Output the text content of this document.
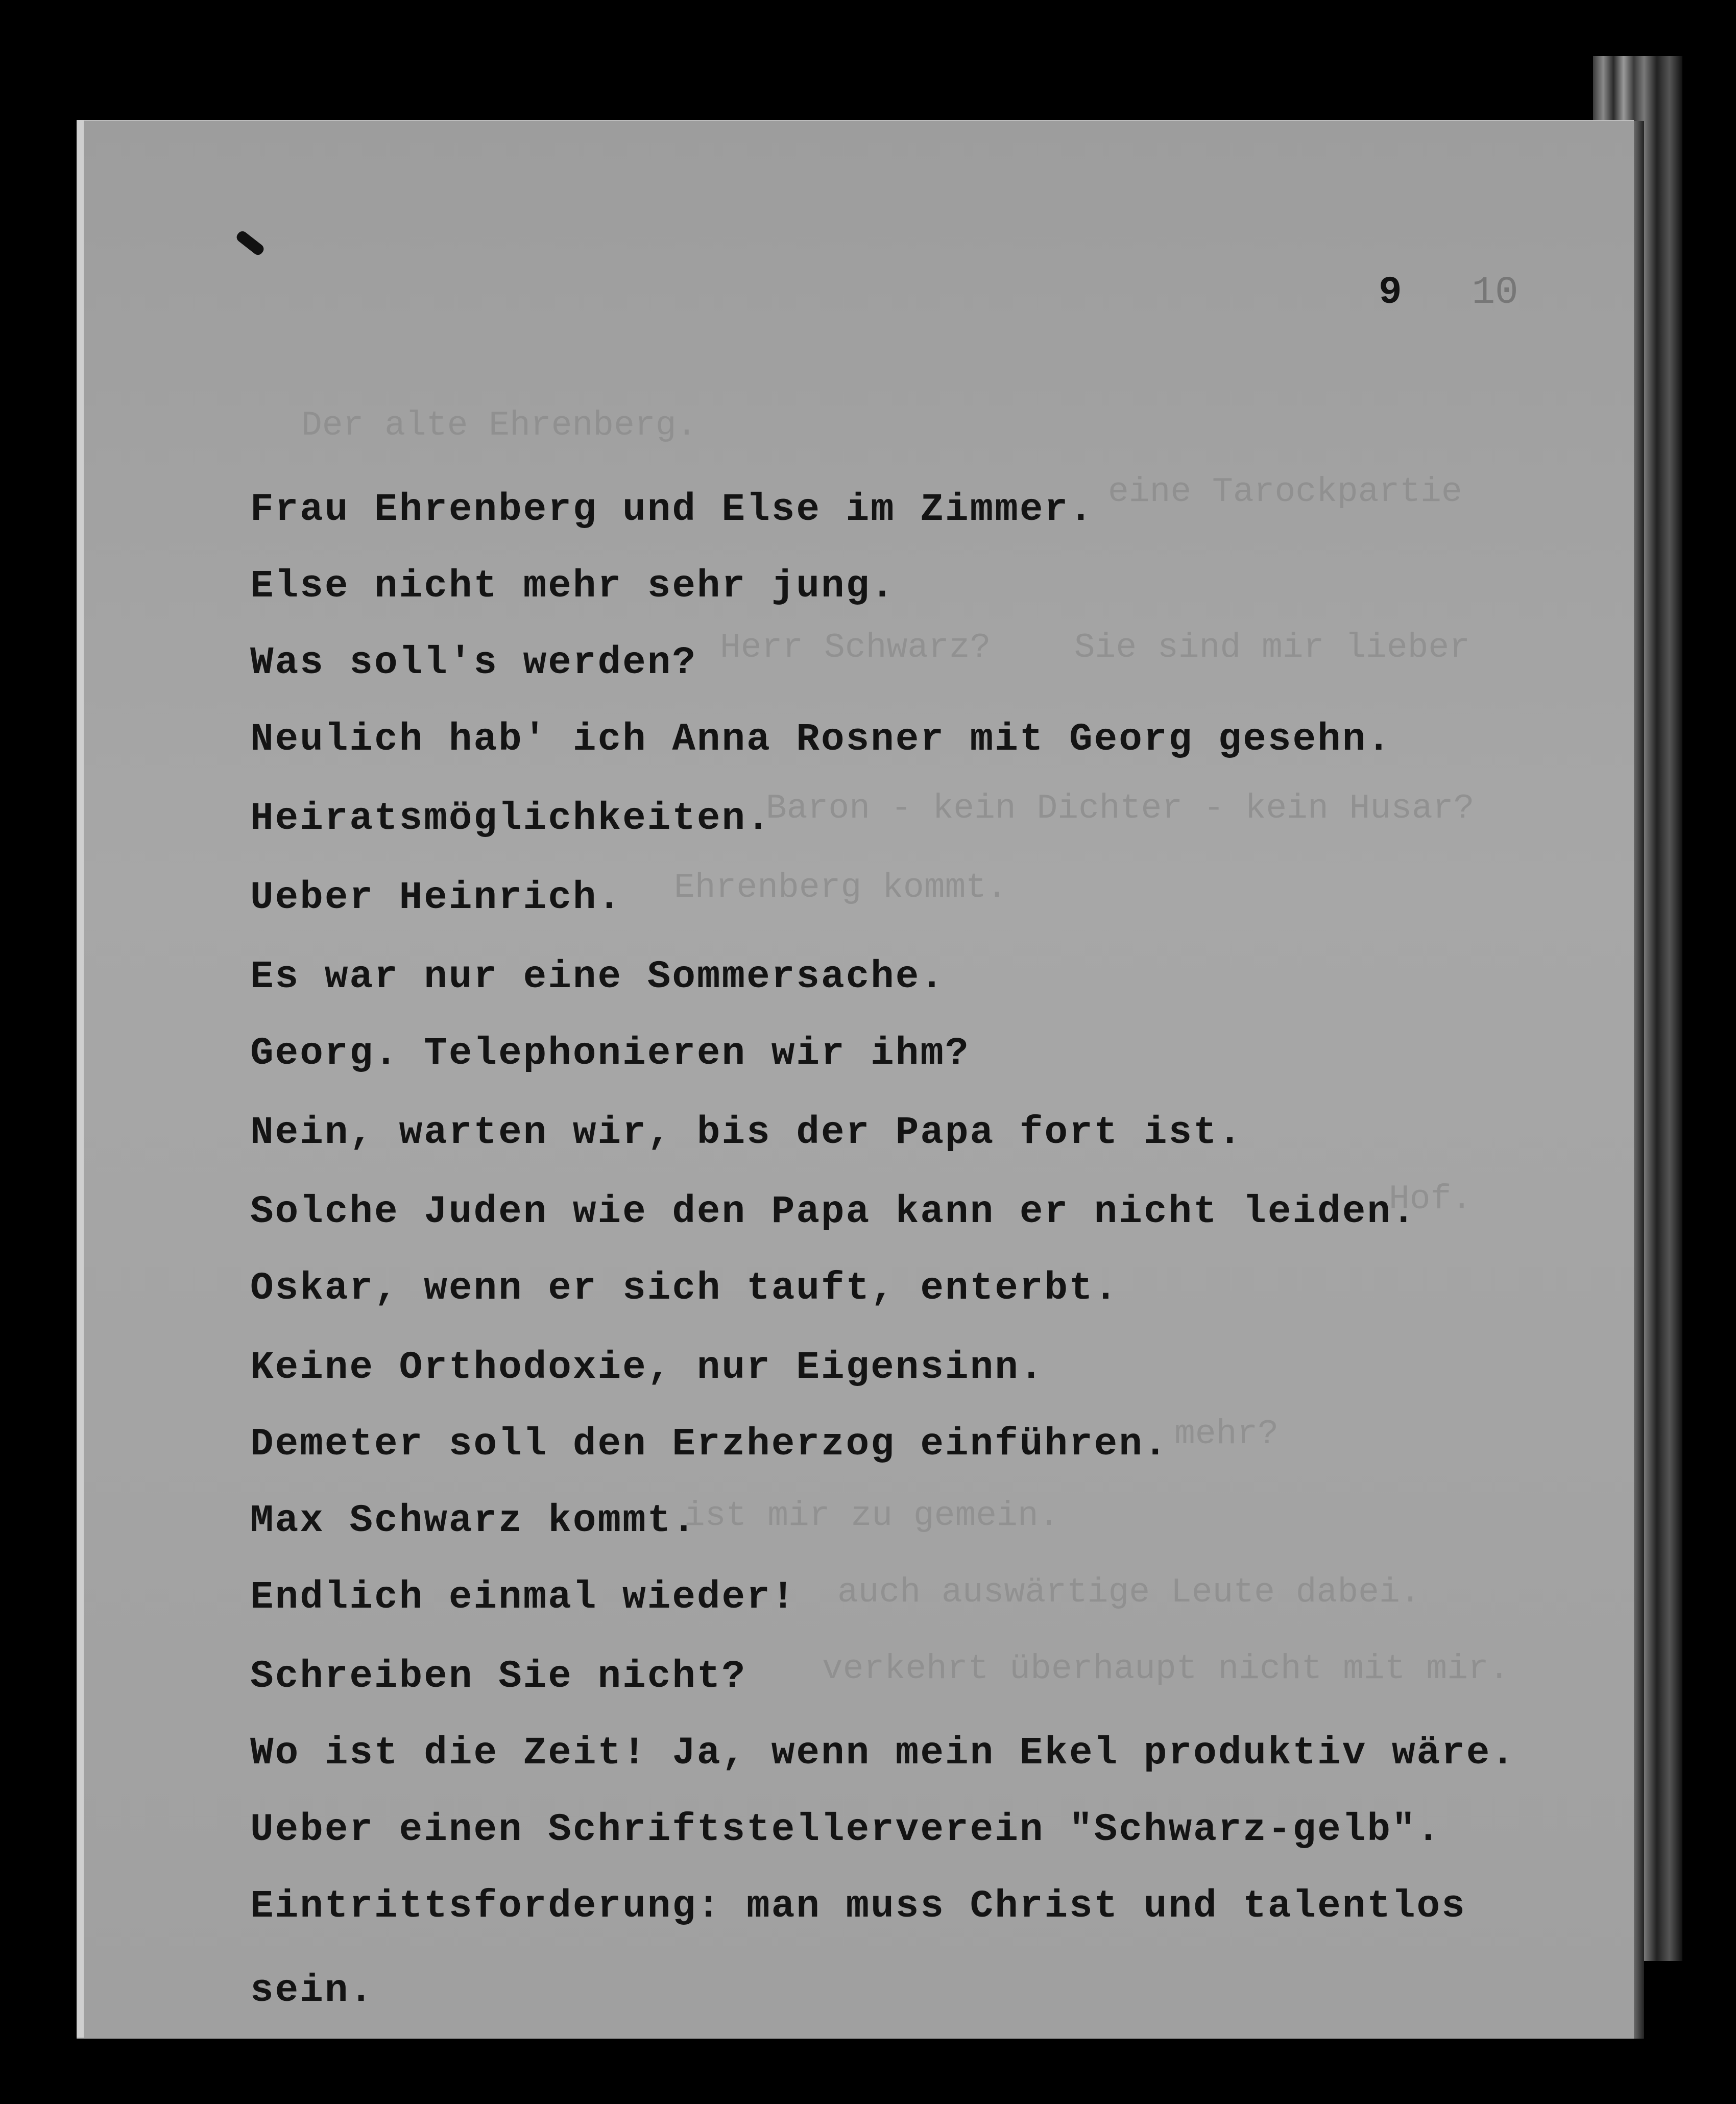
Der alte Ehrenberg.
eine Tarockpartie
Herr Schwarz?    Sie sind mir lieber
Baron - kein Dichter - kein Husar?
Ehrenberg kommt.
Hof.
mehr?
ist mir zu gemein.
auch auswärtige Leute dabei.
verkehrt überhaupt nicht mit mir.
9 10
Frau Ehrenberg und Else im Zimmer.
Else nicht mehr sehr jung.
Was soll's werden?
Neulich hab' ich Anna Rosner mit Georg gesehn.
Heiratsmöglichkeiten.
Ueber Heinrich.
Es war nur eine Sommersache.
Georg. Telephonieren wir ihm?
Nein, warten wir, bis der Papa fort ist.
Solche Juden wie den Papa kann er nicht leiden.
Oskar, wenn er sich tauft, enterbt.
Keine Orthodoxie, nur Eigensinn.
Demeter soll den Erzherzog einführen.
Max Schwarz kommt.
Endlich einmal wieder!
Schreiben Sie nicht?
Wo ist die Zeit! Ja, wenn mein Ekel produktiv wäre.
Ueber einen Schriftstellerverein "Schwarz-gelb".
Eintrittsforderung: man muss Christ und talentlos
sein.
